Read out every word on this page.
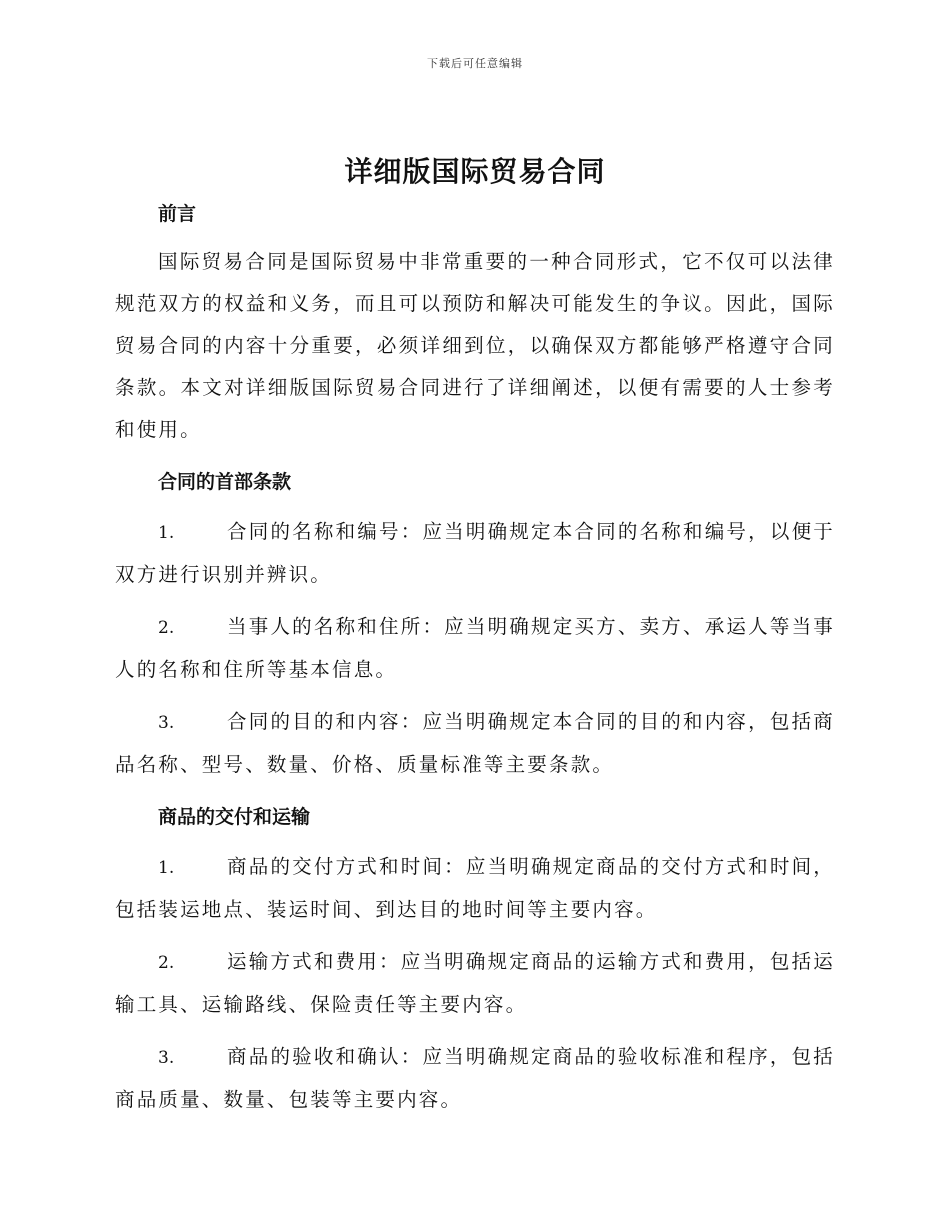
下载后可任意编辑
详细版国际贸易合同
前言

国际贸易合同是国际贸易中非常重要的一种合同形式，它不仅可以法律规范双方的权益和义务，而且可以预防和解决可能发生的争议。因此，国际贸易合同的内容十分重要，必须详细到位，以确保双方都能够严格遵守合同条款。本文对详细版国际贸易合同进行了详细阐述，以便有需要的人士参考和使用。

合同的首部条款
1.	合同的名称和编号：应当明确规定本合同的名称和编号，以便于双方进行识别并辨识。
2.	当事人的名称和住所：应当明确规定买方、卖方、承运人等当事人的名称和住所等基本信息。
3.	合同的目的和内容：应当明确规定本合同的目的和内容，包括商品名称、型号、数量、价格、质量标准等主要条款。
商品的交付和运输
1.	商品的交付方式和时间：应当明确规定商品的交付方式和时间，包括装运地点、装运时间、到达目的地时间等主要内容。
2.	运输方式和费用：应当明确规定商品的运输方式和费用，包括运输工具、运输路线、保险责任等主要内容。
3.	商品的验收和确认：应当明确规定商品的验收标准和程序，包括商品质量、数量、包装等主要内容。
